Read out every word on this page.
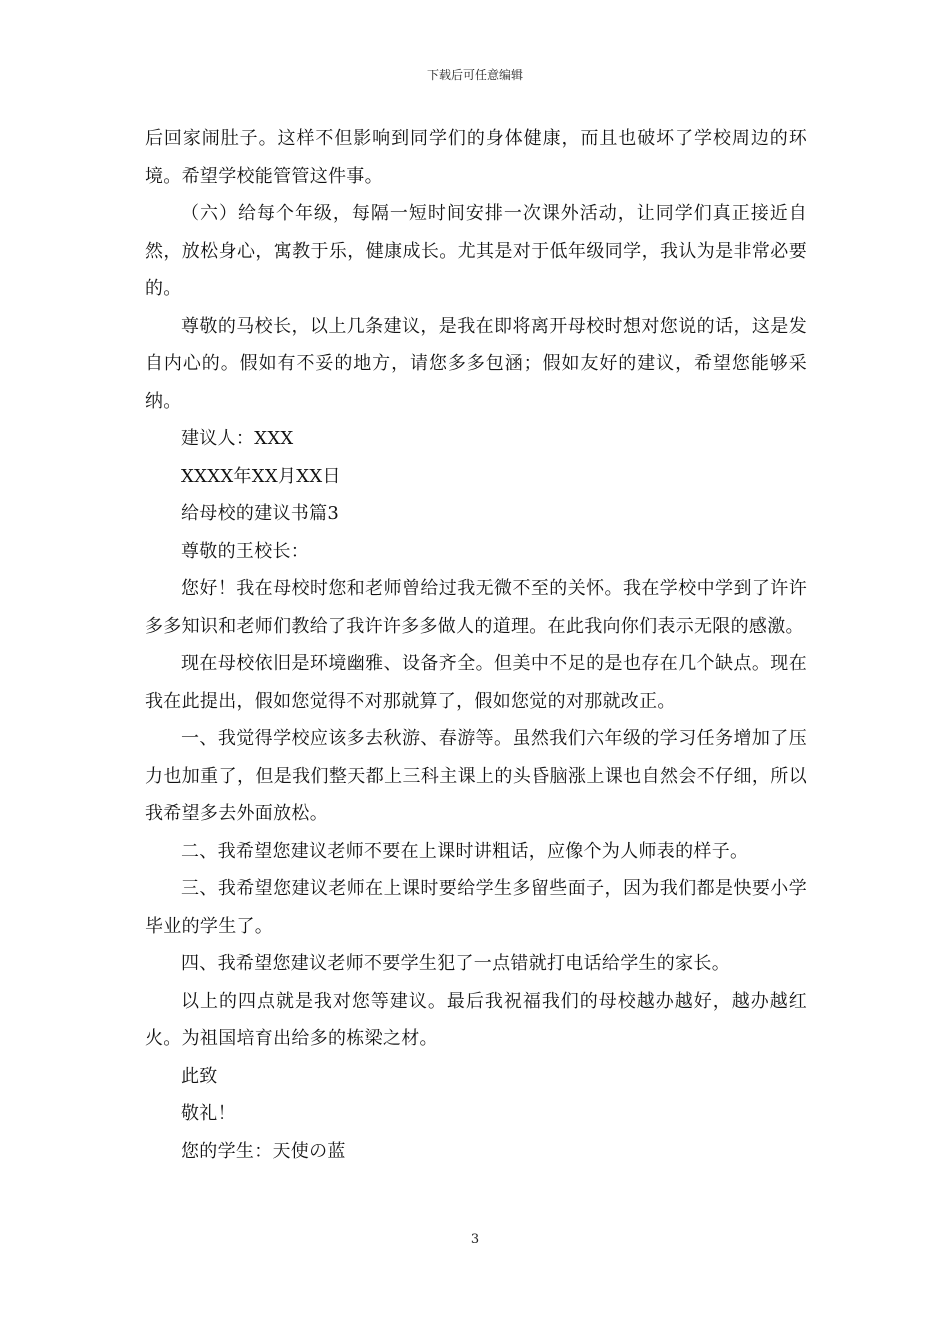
下载后可任意编辑

后回家闹肚子。这样不但影响到同学们的身体健康，而且也破坏了学校周边的环境。希望学校能管管这件事。

（六）给每个年级，每隔一短时间安排一次课外活动，让同学们真正接近自然，放松身心，寓教于乐，健康成长。尤其是对于低年级同学，我认为是非常必要的。

尊敬的马校长，以上几条建议，是我在即将离开母校时想对您说的话，这是发自内心的。假如有不妥的地方，请您多多包涵；假如友好的建议，希望您能够采纳。

建议人：XXX

XXXX年XX月XX日

给母校的建议书篇3

尊敬的王校长：

您好！我在母校时您和老师曾给过我无微不至的关怀。我在学校中学到了许许多多知识和老师们教给了我许许多多做人的道理。在此我向你们表示无限的感激。

现在母校依旧是环境幽雅、设备齐全。但美中不足的是也存在几个缺点。现在我在此提出，假如您觉得不对那就算了，假如您觉的对那就改正。

一、我觉得学校应该多去秋游、春游等。虽然我们六年级的学习任务增加了压力也加重了，但是我们整天都上三科主课上的头昏脑涨上课也自然会不仔细，所以我希望多去外面放松。

二、我希望您建议老师不要在上课时讲粗话，应像个为人师表的样子。

三、我希望您建议老师在上课时要给学生多留些面子，因为我们都是快要小学毕业的学生了。

四、我希望您建议老师不要学生犯了一点错就打电话给学生的家长。

以上的四点就是我对您等建议。最后我祝福我们的母校越办越好，越办越红火。为祖国培育出给多的栋梁之材。

此致

敬礼！

您的学生：天使の蓝

3
